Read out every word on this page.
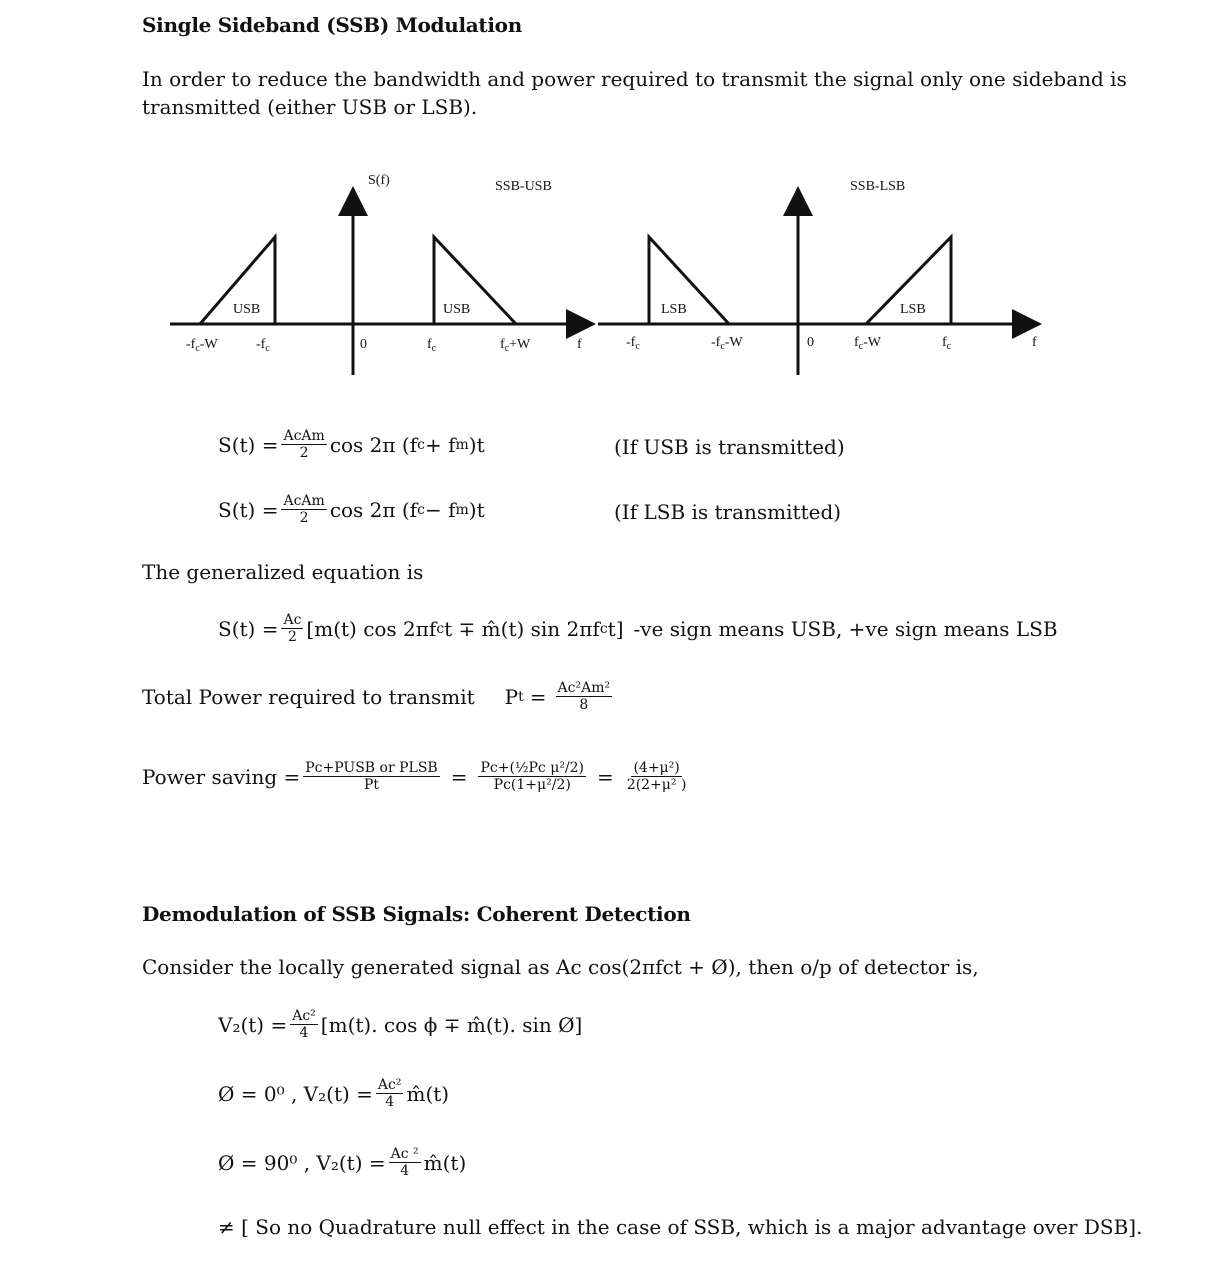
Single Sideband (SSB) Modulation
In order to reduce the bandwidth and power required to transmit the signal only one sideband is
transmitted (either USB or LSB).
S(f)	SSB-USB	SSB-LSB
USB	USB	LSB	LSB
$-f_c-W$	$-f_c$	0	$f_c$	$f_c+W$	f	$-f_c$	$-f_c-W$	0	$f_c-W$	$f_c$	f
$S(t) = \frac{\text{AcAm}}{2}$ cos 2π (f c + f m )t	(If USB is transmitted)
$S(t) = \frac{\text{AcAm}}{2}$ cos 2π (f c − f m )t	(If LSB is transmitted)
The generalized equation is
$S(t) = \frac{Ac}{2} [m(t)$ cos 2πf c t ∓ m̂(t) sin 2πf c t] -ve sign means USB, +ve sign means LSB
Total Power required to transmit P $t = \frac{\text{Ac²Am²}}{8}$
Power saving = $\frac{\text{Pc+PUSB or PLSB}}{Pt} = \frac{\text{Pc+(½Pc μ²/2)}}{\text{Pc(1+μ²/2)}} = \frac{\text{(4+μ²)}}{\text{2(2+μ² )}}$
Demodulation of SSB Signals: Coherent Detection
Consider the locally generated signal as Ac cos(2πfct + Ø), then o/p of detector is,
$V_2(t) = \frac{\text{Ac²}}{4} [m(t)$. cos ϕ ∓ m̂(t). sin Ø]
Ø = 0⁰ , $V_2(t) = \frac{\text{Ac²}}{4}$ m̂(t)
Ø = 90⁰ , $V_2(t) = \frac{\text{Ac ²}}{4}$ m̂(t)
≠ [ So no Quadrature null effect in the case of SSB, which is a major advantage over DSB].
